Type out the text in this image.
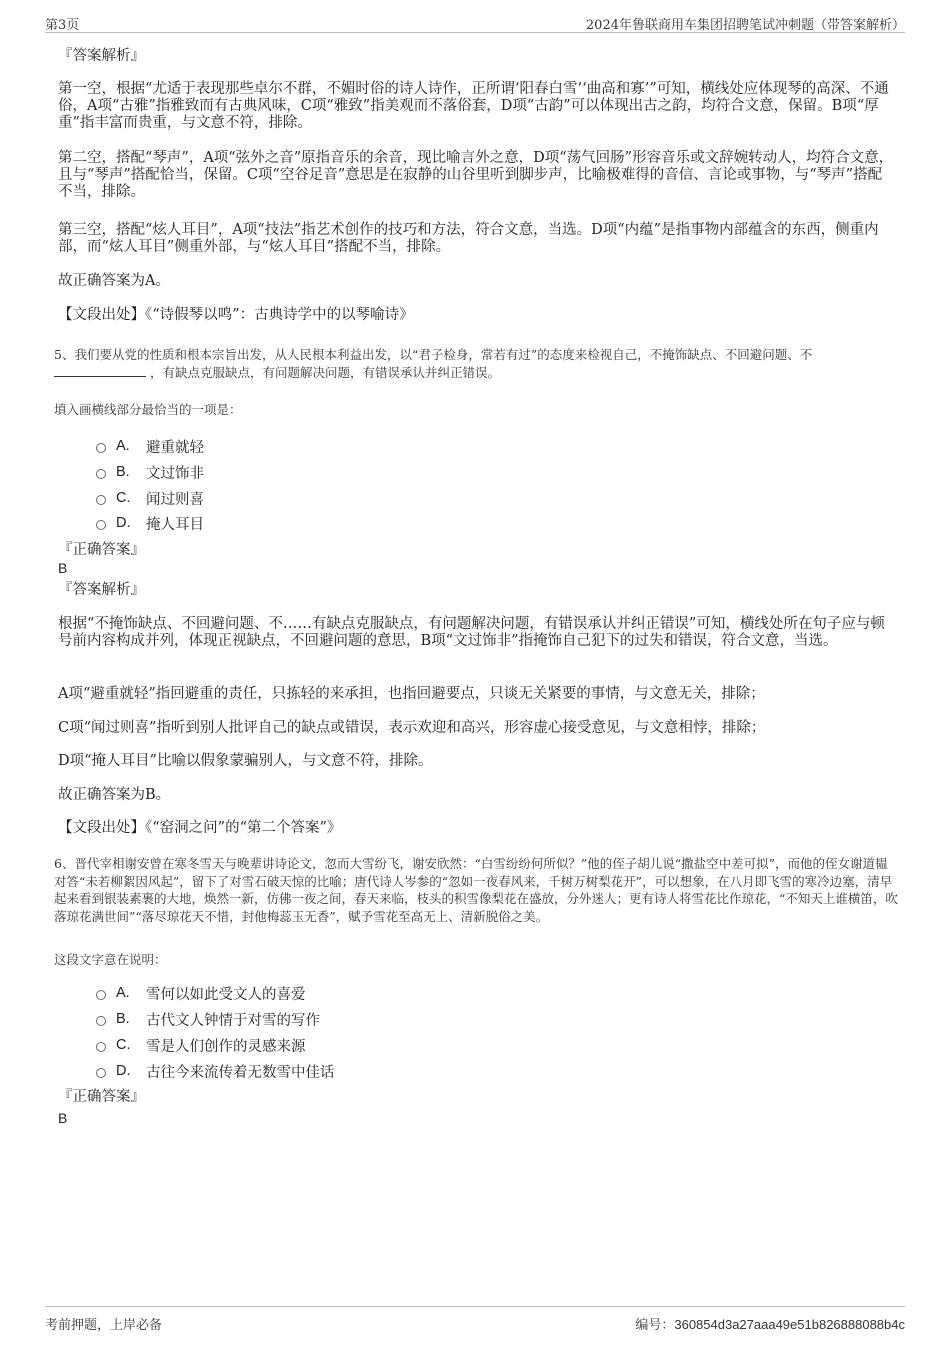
第3页	2024年鲁联商用车集团招聘笔试冲刺题（带答案解析）
『答案解析』
第一空，根据“尤适于表现那些卓尔不群，不媚时俗的诗人诗作，正所谓‘阳春白雪’‘曲高和寡’”可知，横线处应体现琴的高深、不通俗，A项“古雅”指雅致而有古典风味，C项“雅致”指美观而不落俗套，D项“古韵”可以体现出古之韵，均符合文意，保留。B项“厚重”指丰富而贵重，与文意不符，排除。
第二空，搭配“琴声”，A项“弦外之音”原指音乐的余音，现比喻言外之意，D项“荡气回肠”形容音乐或文辞婉转动人，均符合文意，且与“琴声”搭配恰当，保留。C项“空谷足音”意思是在寂静的山谷里听到脚步声，比喻极难得的音信、言论或事物，与“琴声”搭配不当，排除。
第三空，搭配“炫人耳目”，A项“技法”指艺术创作的技巧和方法，符合文意，当选。D项“内蕴”是指事物内部蕴含的东西，侧重内部，而“炫人耳目”侧重外部，与“炫人耳目”搭配不当，排除。
故正确答案为A。
【文段出处】《“诗假琴以鸣”：古典诗学中的以琴喻诗》
5、我们要从党的性质和根本宗旨出发，从人民根本利益出发，以“君子检身，常若有过”的态度来检视自己，不掩饰缺点、不回避问题、不
，有缺点克服缺点，有问题解决问题，有错误承认并纠正错误。
填入画横线部分最恰当的一项是：
A.	避重就轻
B.	文过饰非
C.	闻过则喜
D.	掩人耳目
『正确答案』
B
『答案解析』
根据“不掩饰缺点、不回避问题、不……有缺点克服缺点，有问题解决问题，有错误承认并纠正错误”可知，横线处所在句子应与顿号前内容构成并列，体现正视缺点，不回避问题的意思，B项“文过饰非”指掩饰自己犯下的过失和错误，符合文意，当选。
A项“避重就轻”指回避重的责任，只拣轻的来承担，也指回避要点，只谈无关紧要的事情，与文意无关，排除；
C项“闻过则喜”指听到别人批评自己的缺点或错误，表示欢迎和高兴，形容虚心接受意见，与文意相悖，排除；
D项“掩人耳目”比喻以假象蒙骗别人，与文意不符，排除。
故正确答案为B。
【文段出处】《“窑洞之问”的“第二个答案”》
6、晋代宰相谢安曾在寒冬雪天与晚辈讲诗论文，忽而大雪纷飞，谢安欣然：“白雪纷纷何所似？”他的侄子胡儿说“撒盐空中差可拟”，而他的侄女谢道韫对答“未若柳絮因风起”，留下了对雪石破天惊的比喻；唐代诗人岑参的“忽如一夜春风来，千树万树梨花开”，可以想象，在八月即飞雪的寒冷边塞，清早起来看到银装素裹的大地，焕然一新，仿佛一夜之间，春天来临，枝头的积雪像梨花在盛放，分外迷人；更有诗人将雪花比作琼花，“不知天上谁横笛，吹落琼花满世间”“落尽琼花天不惜，封他梅蕊玉无香”，赋予雪花至高无上、清新脱俗之美。
这段文字意在说明：
A.	雪何以如此受文人的喜爱
B.	古代文人钟情于对雪的写作
C.	雪是人们创作的灵感来源
D.	古往今来流传着无数雪中佳话
『正确答案』
B
考前押题，上岸必备	编号：360854d3a27aaa49e51b826888088b4c
